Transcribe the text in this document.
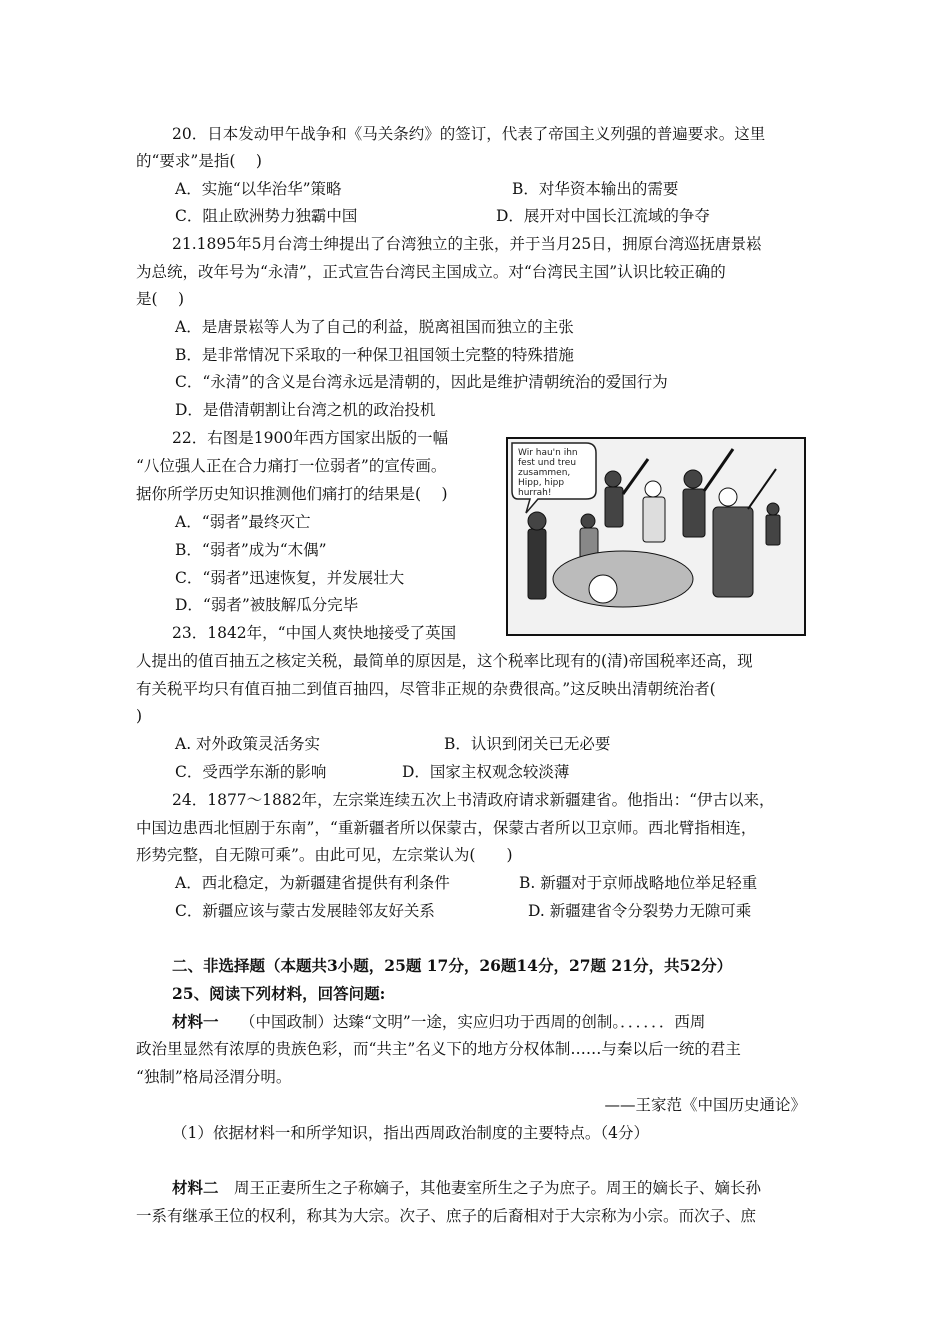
20．日本发动甲午战争和《马关条约》的签订，代表了帝国主义列强的普遍要求。这里
的“要求”是指(　 )
A．实施“以华治华”策略	B．对华资本输出的需要
C．阻止欧洲势力独霸中国	D．展开对中国长江流域的争夺
21.1895年5月台湾士绅提出了台湾独立的主张，并于当月25日，拥原台湾巡抚唐景崧
为总统，改年号为“永清”，正式宣告台湾民主国成立。对“台湾民主国”认识比较正确的
是(　 )
A．是唐景崧等人为了自己的利益，脱离祖国而独立的主张
B．是非常情况下采取的一种保卫祖国领土完整的特殊措施
C．“永清”的含义是台湾永远是清朝的，因此是维护清朝统治的爱国行为
D．是借清朝割让台湾之机的政治投机
22．右图是1900年西方国家出版的一幅
“八位强人正在合力痛打一位弱者”的宣传画。
据你所学历史知识推测他们痛打的结果是(　 )
A．“弱者”最终灭亡
B．“弱者”成为“木偶”
C．“弱者”迅速恢复，并发展壮大
D．“弱者”被肢解瓜分完毕
Wir hau'n ihn
fest und treu
zusammen,
Hipp, hipp
hurrah!
23．1842年，“中国人爽快地接受了英国
人提出的值百抽五之核定关税，最简单的原因是，这个税率比现有的(清)帝国税率还高，现
有关税平均只有值百抽二到值百抽四，尽管非正规的杂费很高。”这反映出清朝统治者(
)
A. 对外政策灵活务实	B．认识到闭关已无必要
C．受西学东渐的影响	D．国家主权观念较淡薄
24．1877～1882年，左宗棠连续五次上书清政府请求新疆建省。他指出：“伊古以来，
中国边患西北恒剧于东南”，“重新疆者所以保蒙古，保蒙古者所以卫京师。西北臂指相连，
形势完整，自无隙可乘”。由此可见，左宗棠认为(　　)
A．西北稳定，为新疆建省提供有利条件	B. 新疆对于京师战略地位举足轻重
C．新疆应该与蒙古发展睦邻友好关系	D. 新疆建省令分裂势力无隙可乘
二、非选择题（本题共3小题，25题 17分，26题14分，27题 21分，共52分）
25、阅读下列材料，回答问题:
材料一 （中国政制）达臻“文明”一途，实应归功于西周的创制。．．．．．．西周
政治里显然有浓厚的贵族色彩，而“共主”名义下的地方分权体制……与秦以后一统的君主
“独制”格局泾渭分明。
——王家范《中国历史通论》
（1）依据材料一和所学知识，指出西周政治制度的主要特点。（4分）
材料二 周王正妻所生之子称嫡子，其他妻室所生之子为庶子。周王的嫡长子、嫡长孙
一系有继承王位的权利，称其为大宗。次子、庶子的后裔相对于大宗称为小宗。而次子、庶
